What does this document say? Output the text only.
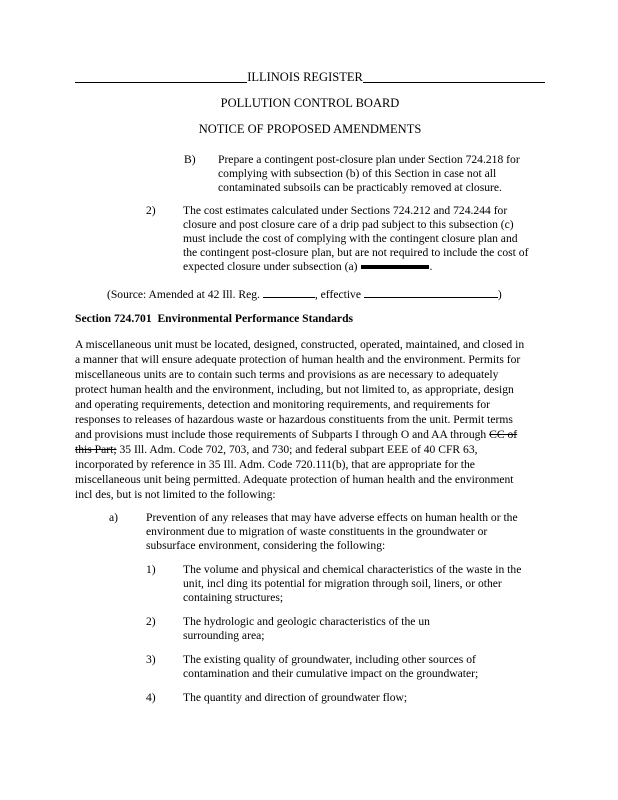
ILLINOIS REGISTER
POLLUTION CONTROL BOARD
NOTICE OF PROPOSED AMENDMENTS
B) Prepare a contingent post-closure plan under Section 724.218 for
complying with subsection (b) of this Section in case not all
contaminated subsoils can be practicably removed at closure.
2) The cost estimates calculated under Sections 724.212 and 724.244 for
closure and post closure care of a drip pad subject to this subsection (c)
must include the cost of complying with the contingent closure plan and
the contingent post-closure plan, but are not required to include the cost of
expected closure under subsection (a)	.
(Source: Amended at 42 Ill. Reg.	, effective	)
Section 724.701 Environmental Performance Standards
A miscellaneous unit must be located, designed, constructed, operated, maintained, and closed in
a manner that will ensure adequate protection of human health and the environment. Permits for
miscellaneous units are to contain such terms and provisions as are necessary to adequately
protect human health and the environment, including, but not limited to, as appropriate, design
and operating requirements, detection and monitoring requirements, and requirements for
responses to releases of hazardous waste or hazardous constituents from the unit. Permit terms
and provisions must include those requirements of Subparts I through O and AA through CC of
this Part; 35 Ill. Adm. Code 702, 703, and 730; and federal subpart EEE of 40 CFR 63,
incorporated by reference in 35 Ill. Adm. Code 720.111(b), that are appropriate for the
miscellaneous unit being permitted. Adequate protection of human health and the environment
incl des, but is not limited to the following:
a) Prevention of any releases that may have adverse effects on human health or the
environment due to migration of waste constituents in the groundwater or
subsurface environment, considering the following:
1) The volume and physical and chemical characteristics of the waste in the
unit, incl ding its potential for migration through soil, liners, or other
containing structures;
2) The hydrologic and geologic characteristics of the un
surrounding area;
3) The existing quality of groundwater, including other sources of
contamination and their cumulative impact on the groundwater;
4) The quantity and direction of groundwater flow;
